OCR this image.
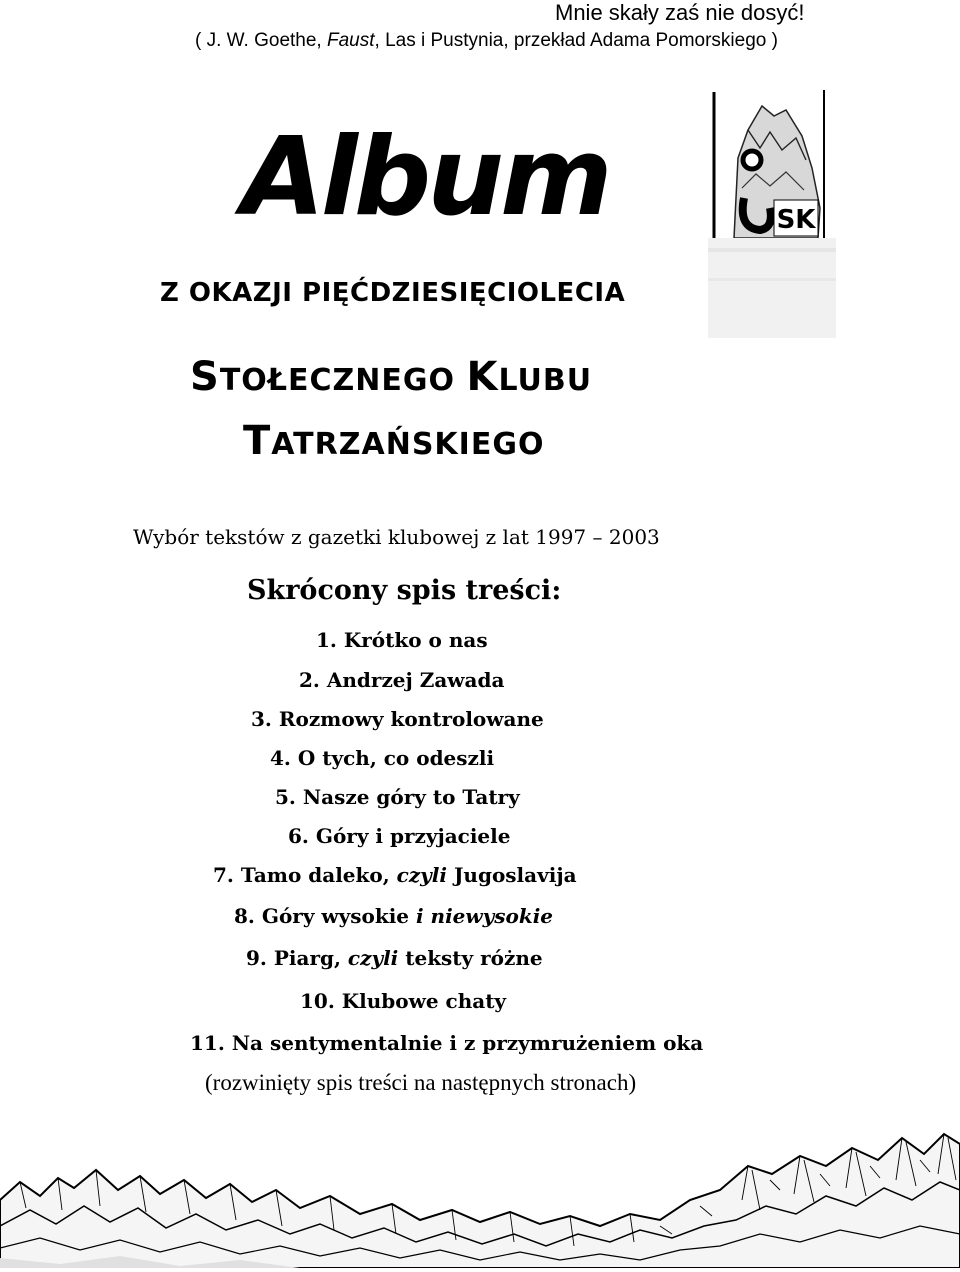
Mnie skały zaś nie dosyć!
( J. W. Goethe, Faust, Las i Pustynia, przekład Adama Pomorskiego )
SK
Album
Z OKAZJI PIĘĆDZIESIĘCIOLECIA
STOŁECZNEGO KLUBU
TATRZAŃSKIEGO
Wybór tekstów z gazetki klubowej z lat 1997 – 2003
Skrócony spis treści:
1. Krótko o nas
2. Andrzej Zawada
3. Rozmowy kontrolowane
4. O tych, co odeszli
5. Nasze góry to Tatry
6. Góry i przyjaciele
7. Tamo daleko, czyli Jugoslavija
8. Góry wysokie i niewysokie
9. Piarg, czyli teksty różne
10. Klubowe chaty
11. Na sentymentalnie i z przymrużeniem oka
(rozwinięty spis treści na następnych stronach)
